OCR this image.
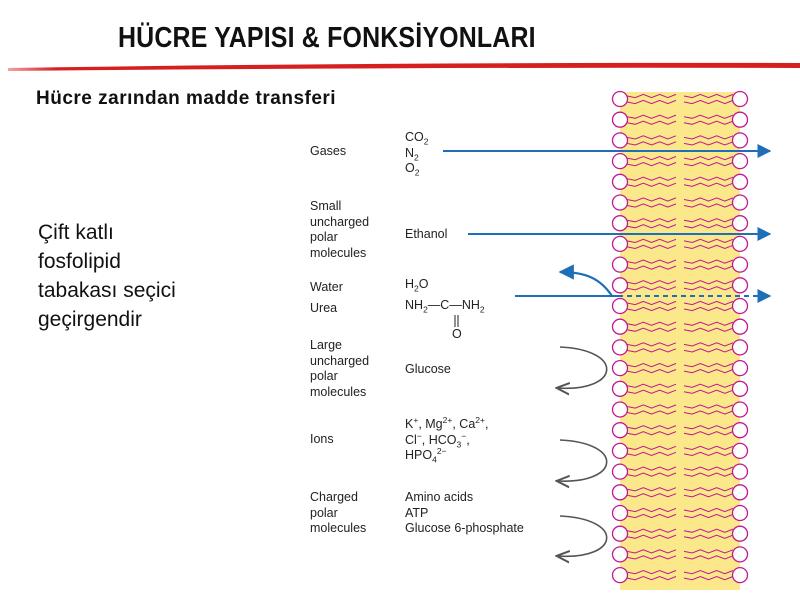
HÜCRE YAPISI & FONKSİYONLARI
Hücre zarından madde transferi
Çift katlı
fosfolipid
tabakası seçici
geçirgendir
Gases
Small
uncharged
polar
molecules
Water
Urea
Large
uncharged
polar
molecules
Ions
Charged
polar
molecules
$CO_2$
$N_2$
$O_2$
Ethanol
$H_2O$
$NH_2—C—NH_2$
O
Glucose
K+, $Mg^{2+}$, $Ca^{2+}$,
Cl−, $HCO_3^-$,
$HPO_4^{2-}$
Amino acids
ATP
Glucose 6-phosphate
